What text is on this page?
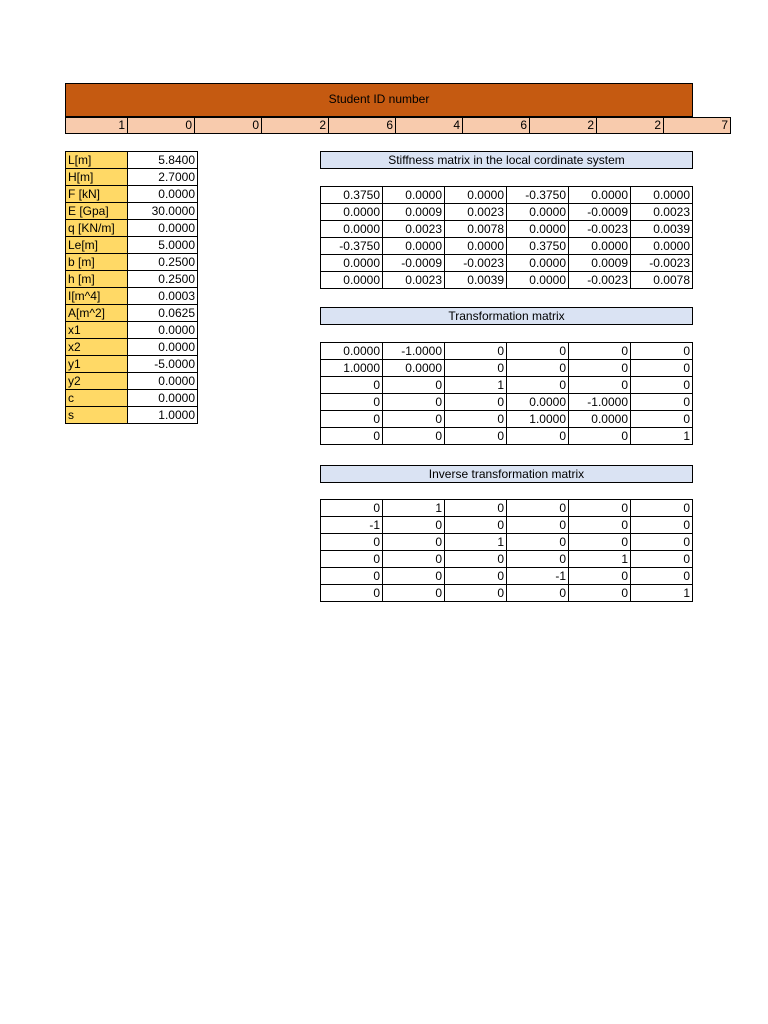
Student ID number
1	0	0	2	6	4	6	2	2	7
L[m]	5.8400
H[m]	2.7000
F [kN]	0.0000
E [Gpa]	30.0000
q [KN/m]	0.0000
Le[m]	5.0000
b [m]	0.2500
h [m]	0.2500
I[m^4]	0.0003
A[m^2]	0.0625
x1	0.0000
x2	0.0000
y1	-5.0000
y2	0.0000
c	0.0000
s	1.0000
Stiffness matrix in the local cordinate system
0.3750	0.0000	0.0000	-0.3750	0.0000	0.0000
0.0000	0.0009	0.0023	0.0000	-0.0009	0.0023
0.0000	0.0023	0.0078	0.0000	-0.0023	0.0039
-0.3750	0.0000	0.0000	0.3750	0.0000	0.0000
0.0000	-0.0009	-0.0023	0.0000	0.0009	-0.0023
0.0000	0.0023	0.0039	0.0000	-0.0023	0.0078
Transformation matrix
0.0000	-1.0000	0	0	0	0
1.0000	0.0000	0	0	0	0
0	0	1	0	0	0
0	0	0	0.0000	-1.0000	0
0	0	0	1.0000	0.0000	0
0	0	0	0	0	1
Inverse transformation matrix
0	1	0	0	0	0
-1	0	0	0	0	0
0	0	1	0	0	0
0	0	0	0	1	0
0	0	0	-1	0	0
0	0	0	0	0	1
